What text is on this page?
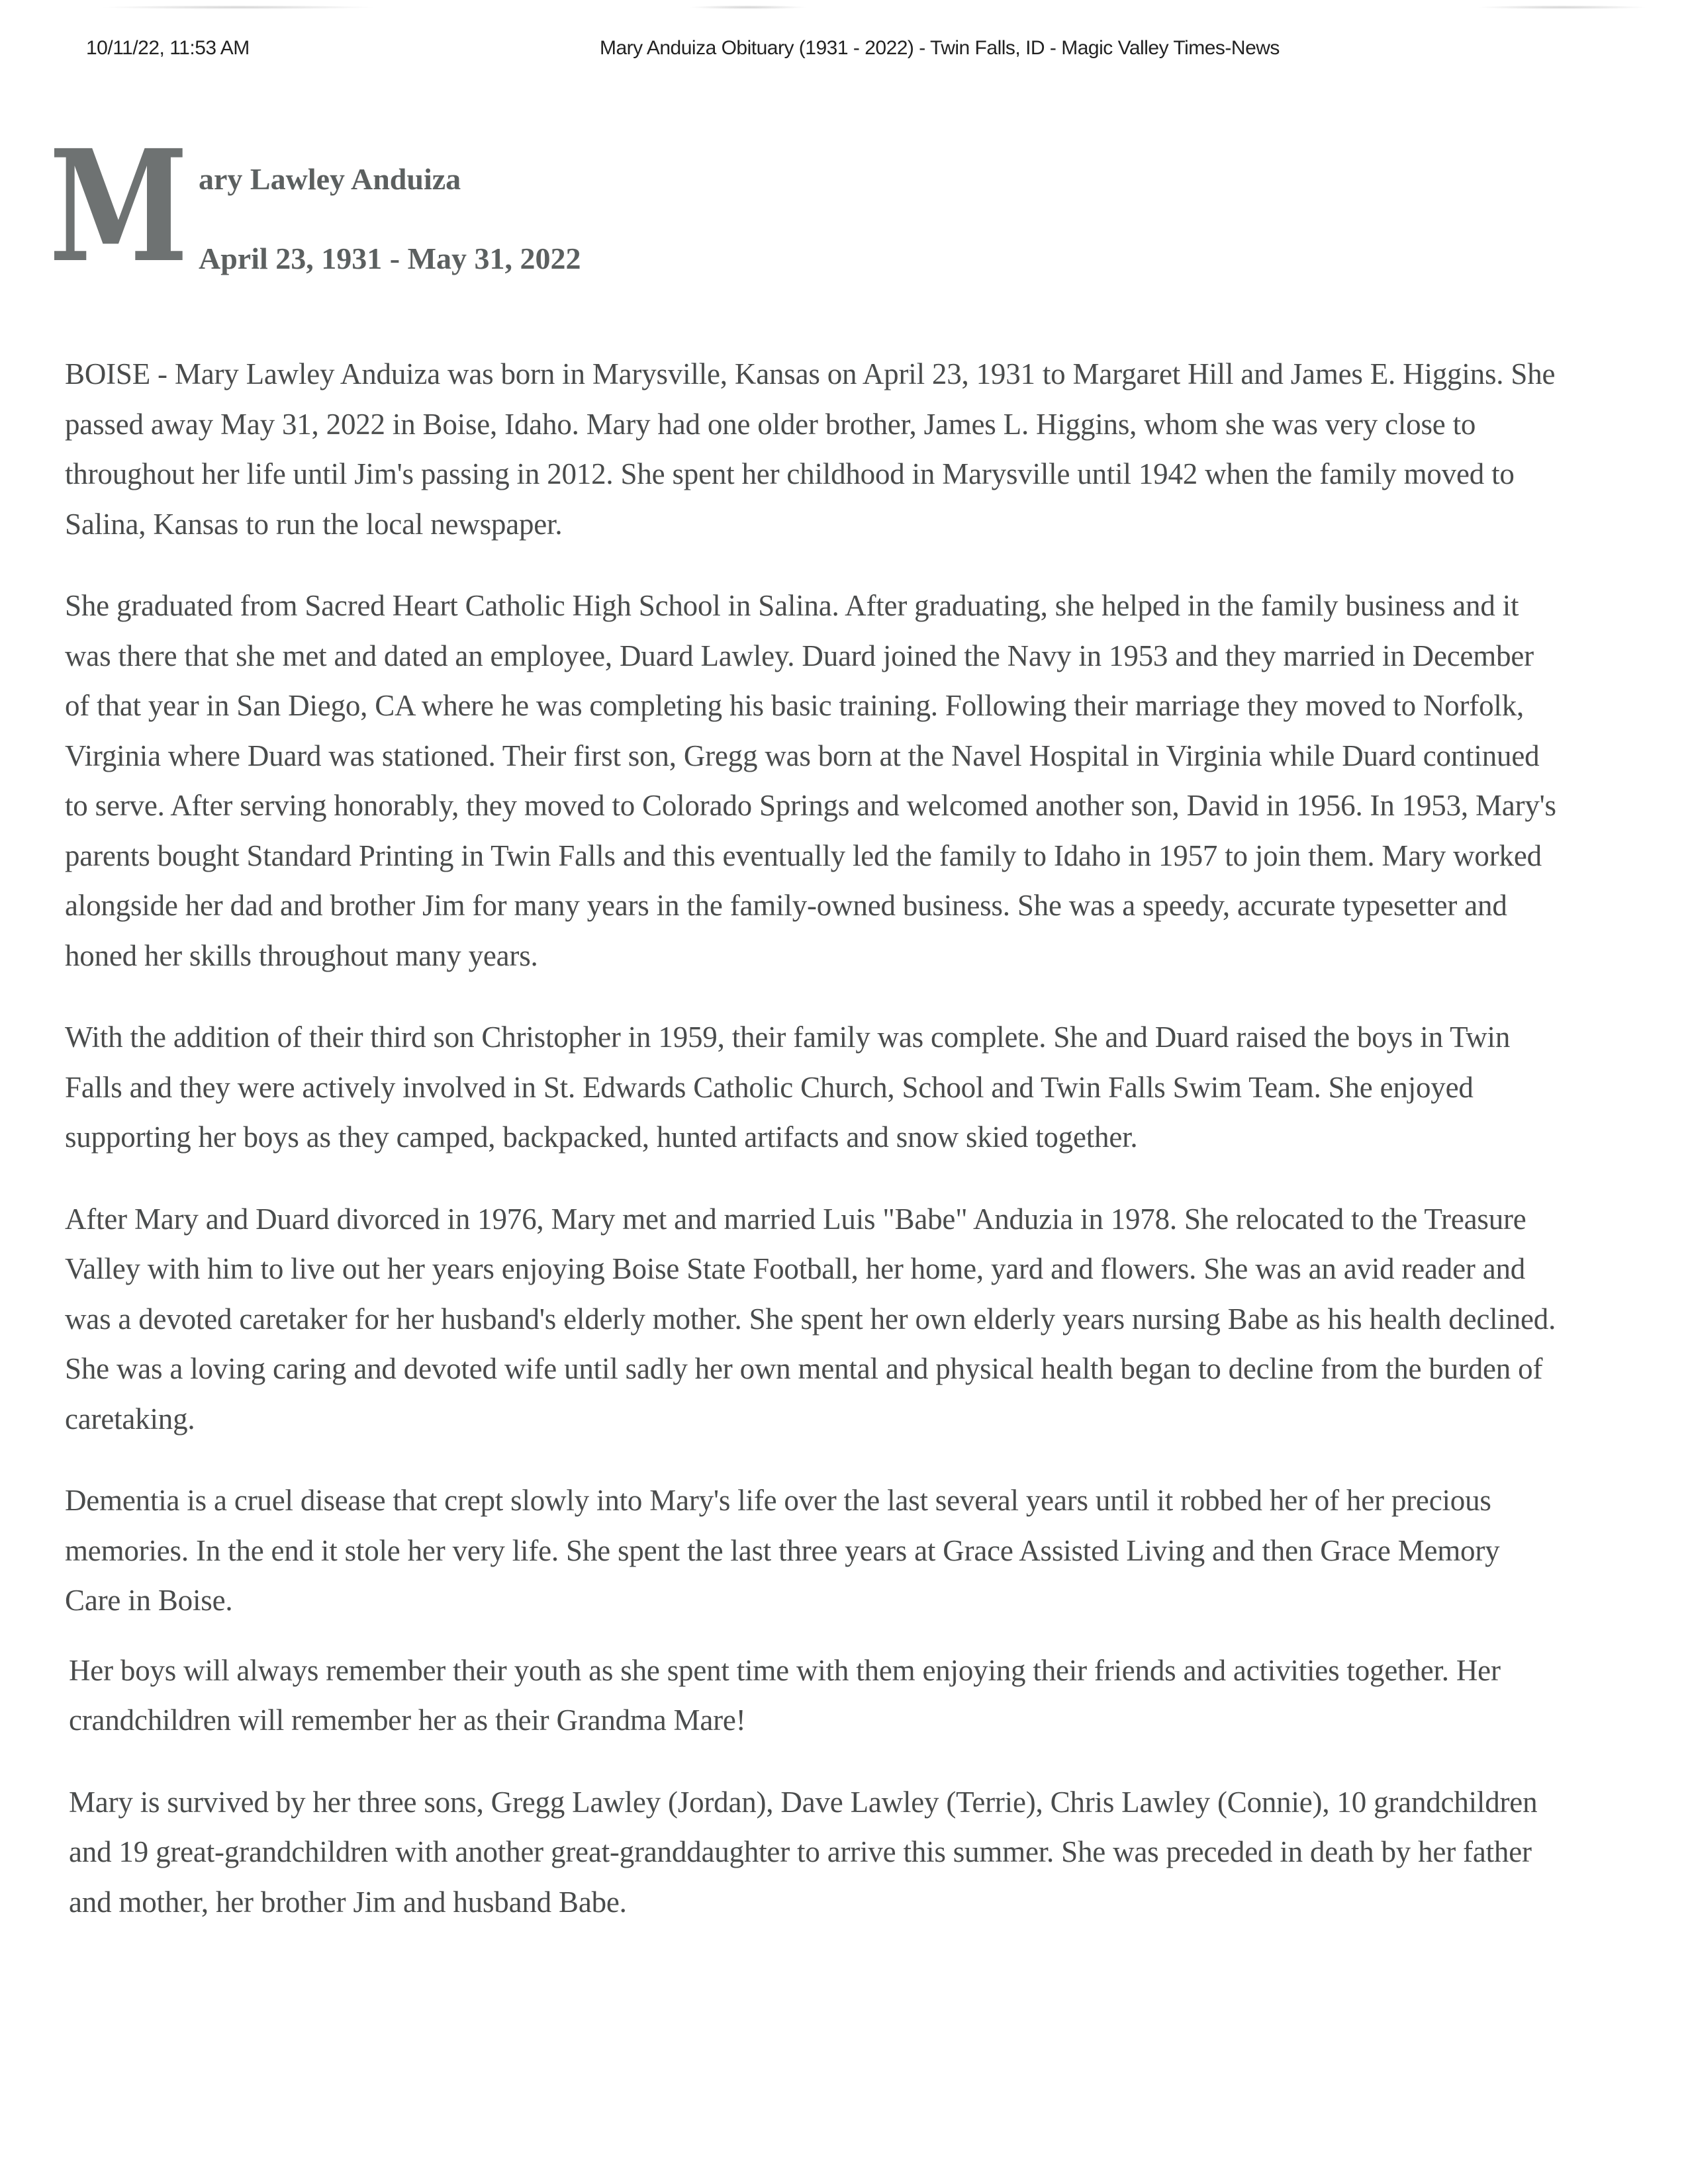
10/11/22, 11:53 AM	Mary Anduiza Obituary (1931 - 2022) - Twin Falls, ID - Magic Valley Times-News
M ary Lawley Anduiza
April 23, 1931 - May 31, 2022

BOISE - Mary Lawley Anduiza was born in Marysville, Kansas on April 23, 1931 to Margaret Hill and James E. Higgins. She passed away May 31, 2022 in Boise, Idaho. Mary had one older brother, James L. Higgins, whom she was very close to throughout her life until Jim's passing in 2012. She spent her childhood in Marysville until 1942 when the family moved to Salina, Kansas to run the local newspaper.

She graduated from Sacred Heart Catholic High School in Salina. After graduating, she helped in the family business and it was there that she met and dated an employee, Duard Lawley. Duard joined the Navy in 1953 and they married in December of that year in San Diego, CA where he was completing his basic training. Following their marriage they moved to Norfolk, Virginia where Duard was stationed. Their first son, Gregg was born at the Navel Hospital in Virginia while Duard continued to serve. After serving honorably, they moved to Colorado Springs and welcomed another son, David in 1956. In 1953, Mary's parents bought Standard Printing in Twin Falls and this eventually led the family to Idaho in 1957 to join them. Mary worked alongside her dad and brother Jim for many years in the family-owned business. She was a speedy, accurate typesetter and honed her skills throughout many years.

With the addition of their third son Christopher in 1959, their family was complete. She and Duard raised the boys in Twin Falls and they were actively involved in St. Edwards Catholic Church, School and Twin Falls Swim Team. She enjoyed supporting her boys as they camped, backpacked, hunted artifacts and snow skied together.

After Mary and Duard divorced in 1976, Mary met and married Luis "Babe" Anduzia in 1978. She relocated to the Treasure Valley with him to live out her years enjoying Boise State Football, her home, yard and flowers. She was an avid reader and was a devoted caretaker for her husband's elderly mother. She spent her own elderly years nursing Babe as his health declined. She was a loving caring and devoted wife until sadly her own mental and physical health began to decline from the burden of caretaking.

Dementia is a cruel disease that crept slowly into Mary's life over the last several years until it robbed her of her precious memories. In the end it stole her very life. She spent the last three years at Grace Assisted Living and then Grace Memory Care in Boise.

Her boys will always remember their youth as she spent time with them enjoying their friends and activities together. Her crandchildren will remember her as their Grandma Mare!

Mary is survived by her three sons, Gregg Lawley (Jordan), Dave Lawley (Terrie), Chris Lawley (Connie), 10 grandchildren and 19 great-grandchildren with another great-granddaughter to arrive this summer. She was preceded in death by her father and mother, her brother Jim and husband Babe.
